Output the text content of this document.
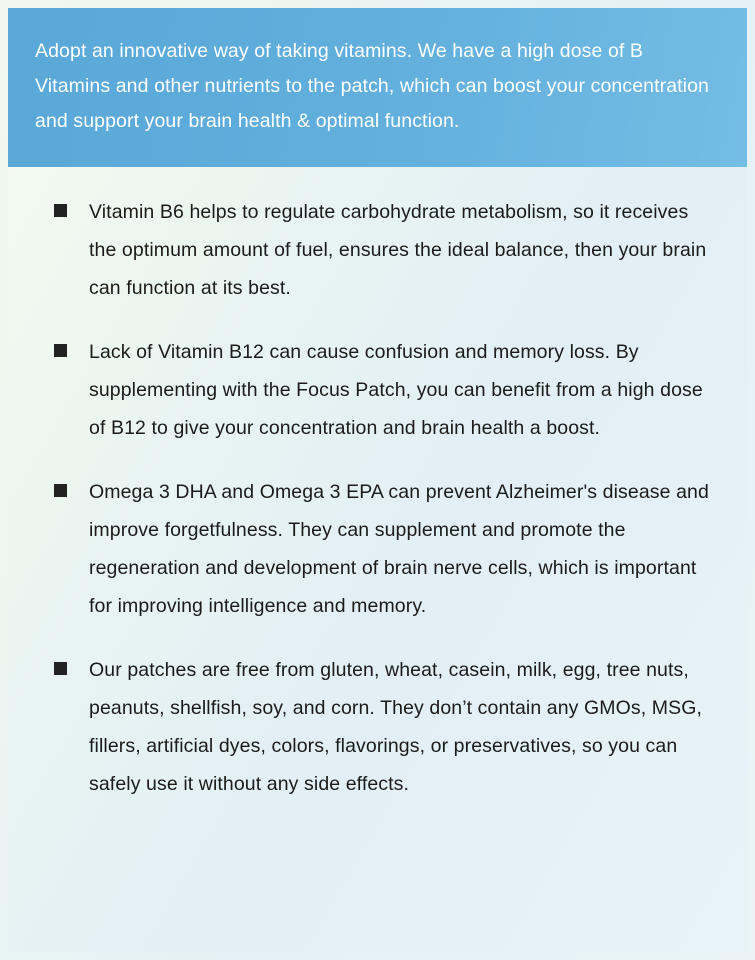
Adopt an innovative way of taking vitamins. We have a high dose of B Vitamins and other nutrients to the patch, which can boost your concentration and support your brain health & optimal function.
Vitamin B6 helps to regulate carbohydrate metabolism, so it receives the optimum amount of fuel, ensures the ideal balance, then your brain can function at its best.
Lack of Vitamin B12 can cause confusion and memory loss. By supplementing with the Focus Patch, you can benefit from a high dose of B12 to give your concentration and brain health a boost.
Omega 3 DHA and Omega 3 EPA can prevent Alzheimer's disease and improve forgetfulness. They can supplement and promote the regeneration and development of brain nerve cells, which is important for improving intelligence and memory.
Our patches are free from gluten, wheat, casein, milk, egg, tree nuts, peanuts, shellfish, soy, and corn. They don’t contain any GMOs, MSG, fillers, artificial dyes, colors, flavorings, or preservatives, so you can safely use it without any side effects.
